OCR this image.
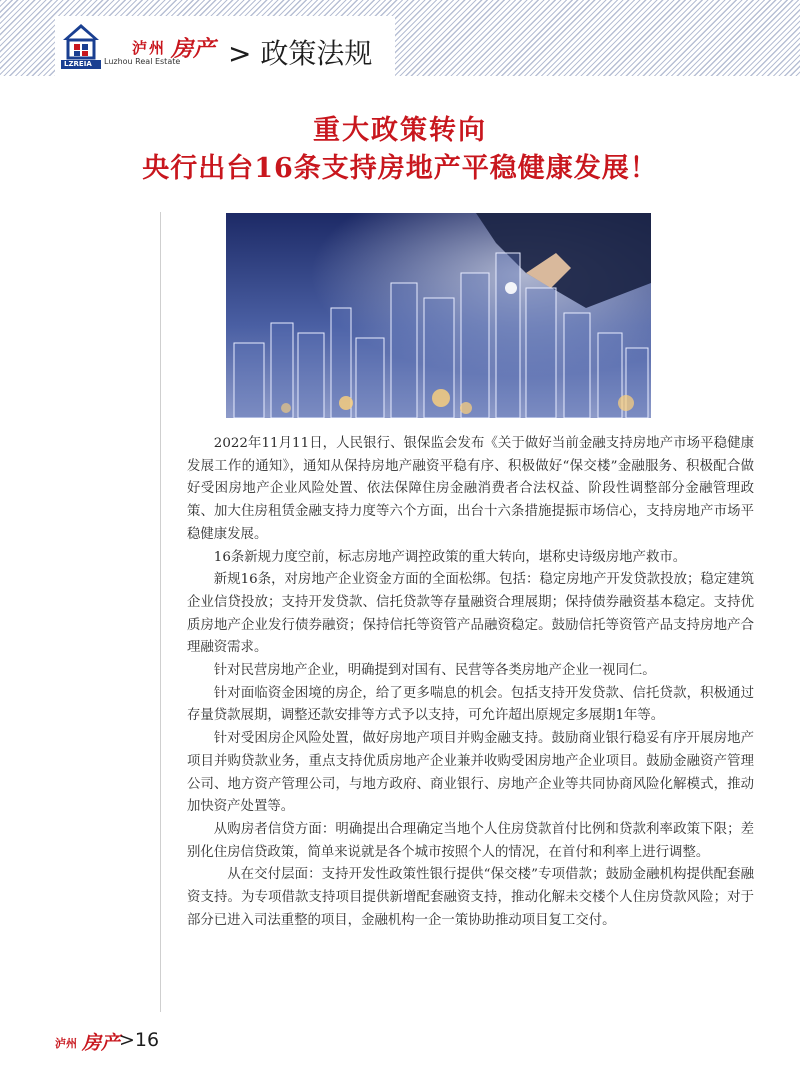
LZREIA
泸州 房产
Luzhou Real Estate > 政策法规
重大政策转向
央行出台16条支持房地产平稳健康发展！

2022年11月11日，人民银行、银保监会发布《关于做好当前金融支持房地产市场平稳健康发展工作的通知》，通知从保持房地产融资平稳有序、积极做好“保交楼”金融服务、积极配合做好受困房地产企业风险处置、依法保障住房金融消费者合法权益、阶段性调整部分金融管理政策、加大住房租赁金融支持力度等六个方面，出台十六条措施提振市场信心，支持房地产市场平稳健康发展。

16条新规力度空前，标志房地产调控政策的重大转向，堪称史诗级房地产救市。

新规16条，对房地产企业资金方面的全面松绑。包括：稳定房地产开发贷款投放；稳定建筑企业信贷投放；支持开发贷款、信托贷款等存量融资合理展期；保持债券融资基本稳定。支持优质房地产企业发行债券融资；保持信托等资管产品融资稳定。鼓励信托等资管产品支持房地产合理融资需求。

针对民营房地产企业，明确提到对国有、民营等各类房地产企业一视同仁。

针对面临资金困境的房企，给了更多喘息的机会。包括支持开发贷款、信托贷款，积极通过存量贷款展期，调整还款安排等方式予以支持，可允许超出原规定多展期1年等。

针对受困房企风险处置，做好房地产项目并购金融支持。鼓励商业银行稳妥有序开展房地产项目并购贷款业务，重点支持优质房地产企业兼并收购受困房地产企业项目。鼓励金融资产管理公司、地方资产管理公司，与地方政府、商业银行、房地产企业等共同协商风险化解模式，推动加快资产处置等。

从购房者信贷方面：明确提出合理确定当地个人住房贷款首付比例和贷款利率政策下限；差别化住房信贷政策，简单来说就是各个城市按照个人的情况，在首付和利率上进行调整。

从在交付层面：支持开发性政策性银行提供“保交楼”专项借款；鼓励金融机构提供配套融资支持。为专项借款支持项目提供新增配套融资支持，推动化解未交楼个人住房贷款风险；对于部分已进入司法重整的项目，金融机构一企一策协助推动项目复工交付。

泸州 房产
>16
